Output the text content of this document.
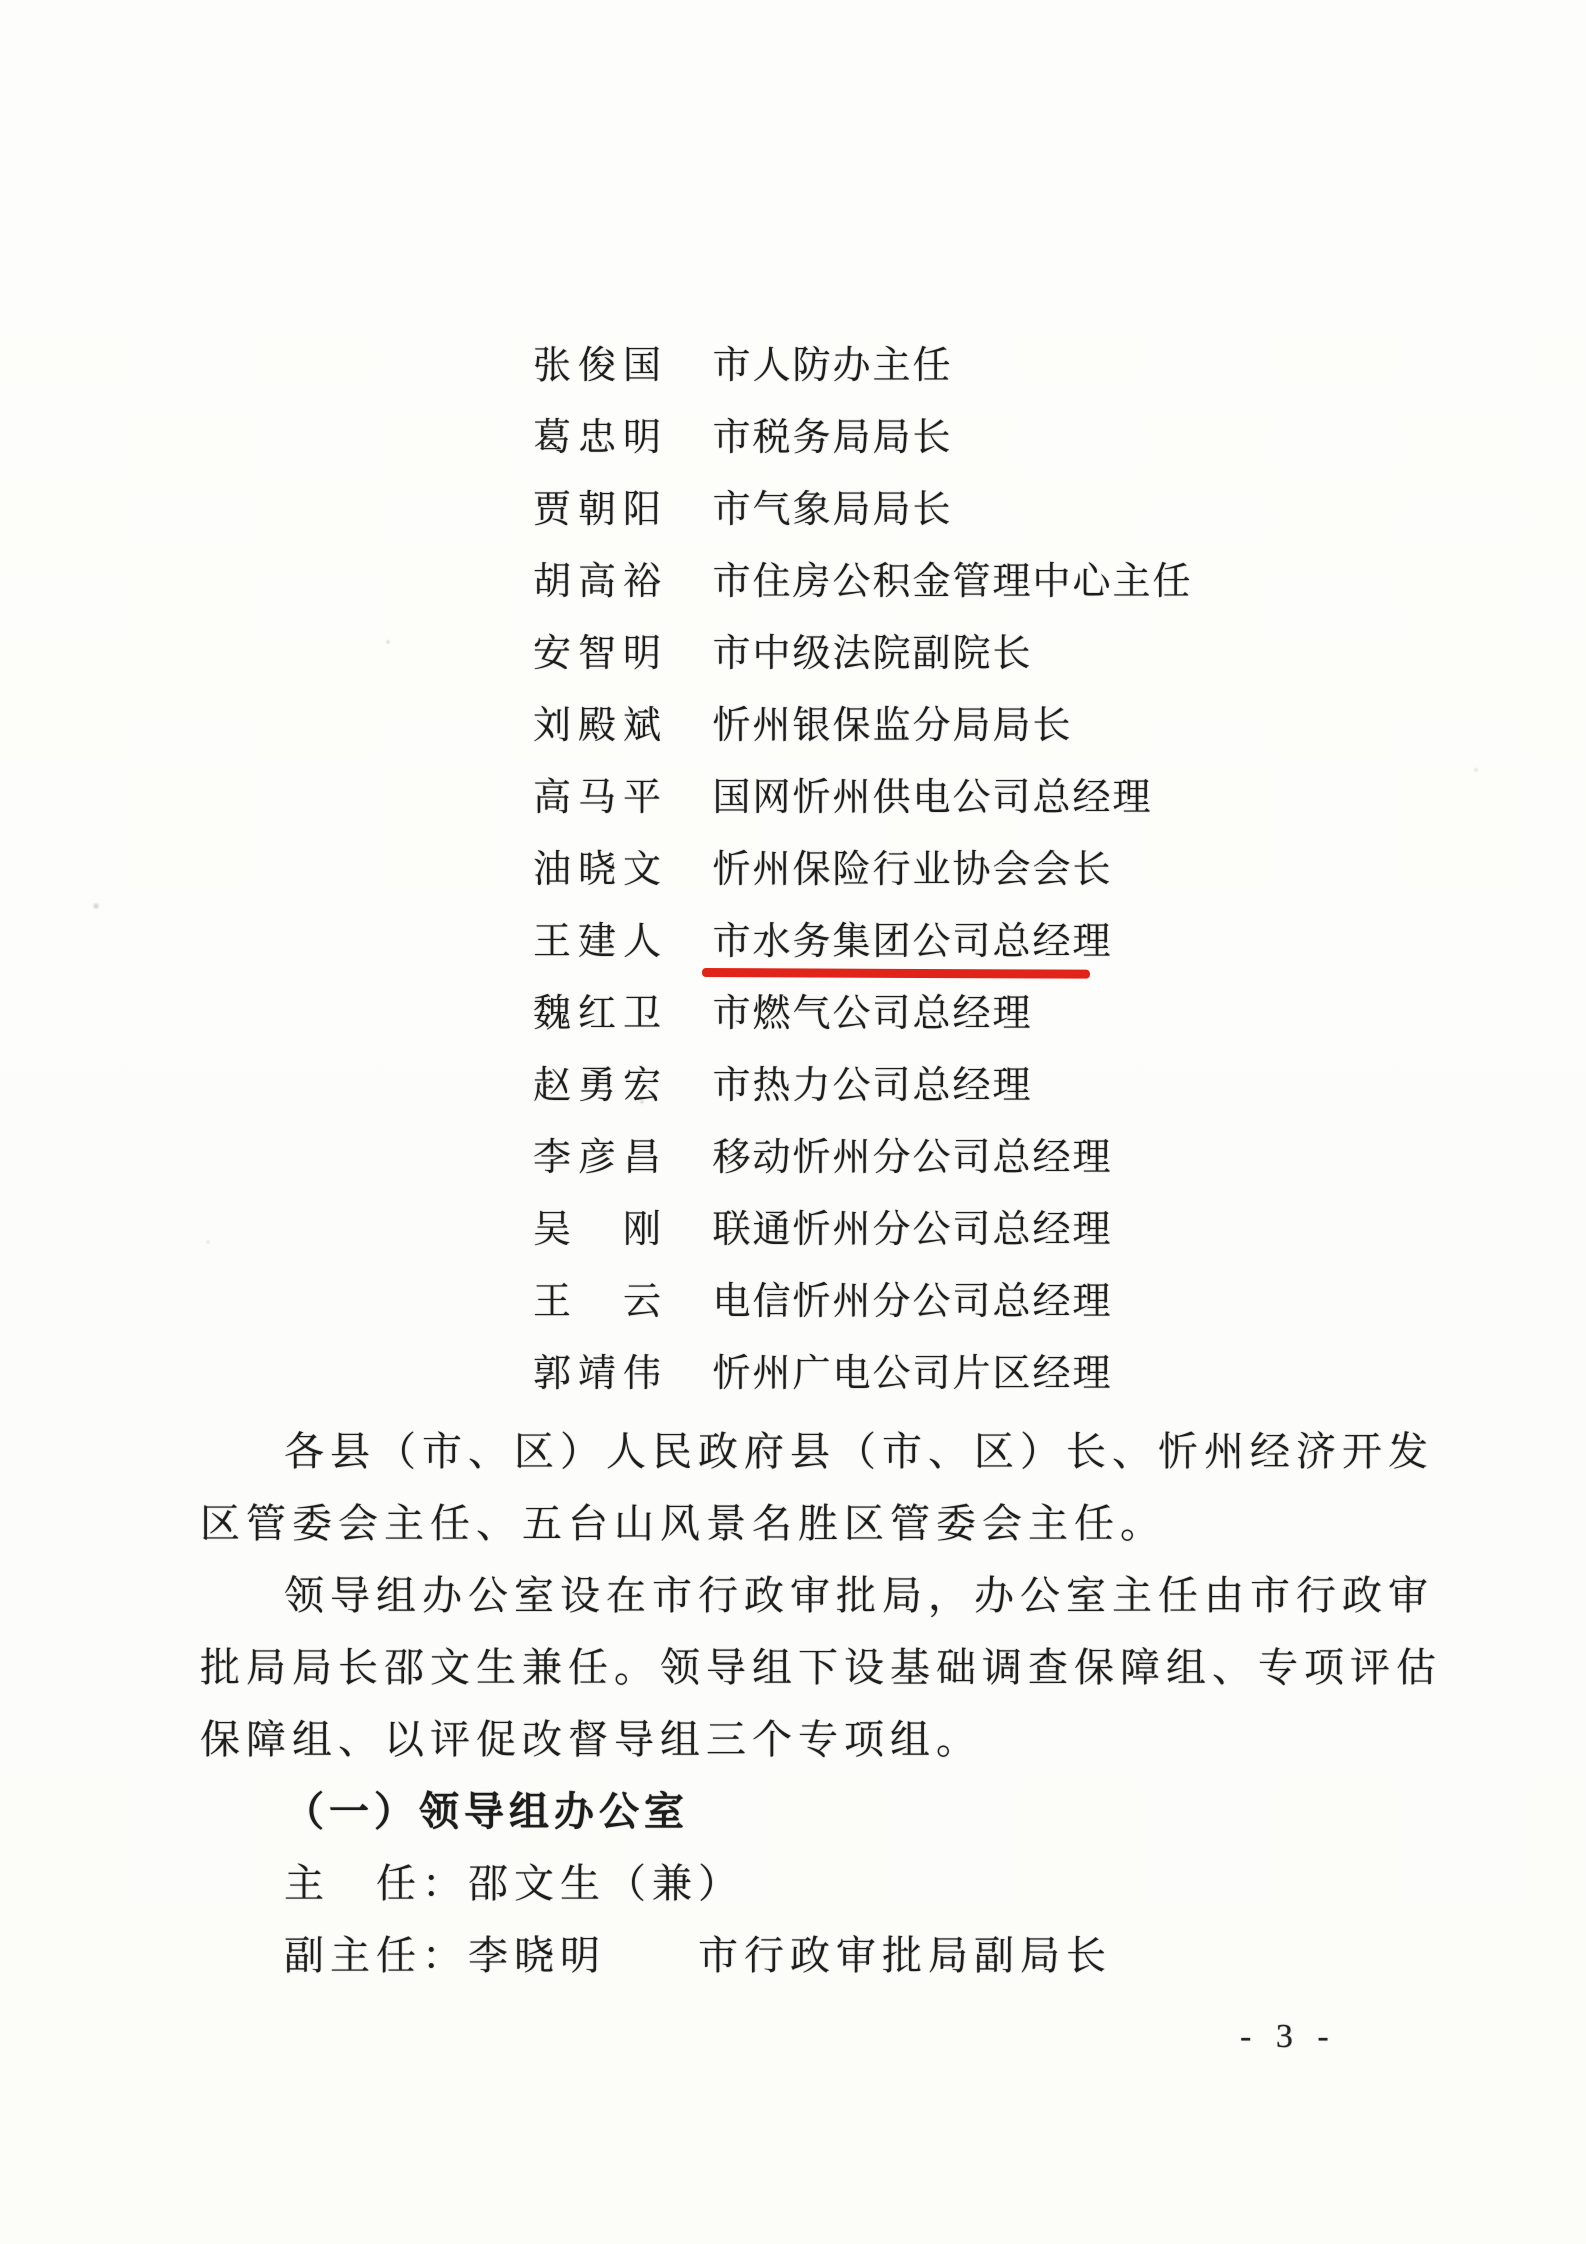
张俊国 市人防办主任
葛忠明 市税务局局长
贾朝阳 市气象局局长
胡高裕 市住房公积金管理中心主任
安智明 市中级法院副院长
刘殿斌 忻州银保监分局局长
高马平 国网忻州供电公司总经理
油晓文 忻州保险行业协会会长
王建人 市水务集团公司总经理
魏红卫 市燃气公司总经理
赵勇宏 市热力公司总经理
李彦昌 移动忻州分公司总经理
吴　刚 联通忻州分公司总经理
王　云 电信忻州分公司总经理
郭靖伟 忻州广电公司片区经理
各县（市、区）人民政府县（市、区）长、忻州经济开发
区管委会主任、五台山风景名胜区管委会主任。
领导组办公室设在市行政审批局，办公室主任由市行政审
批局局长邵文生兼任。领导组下设基础调查保障组、专项评估
保障组、以评促改督导组三个专项组。
（一）领导组办公室
主　任：邵文生（兼）
副主任：李晓明　　市行政审批局副局长
- 3 -
